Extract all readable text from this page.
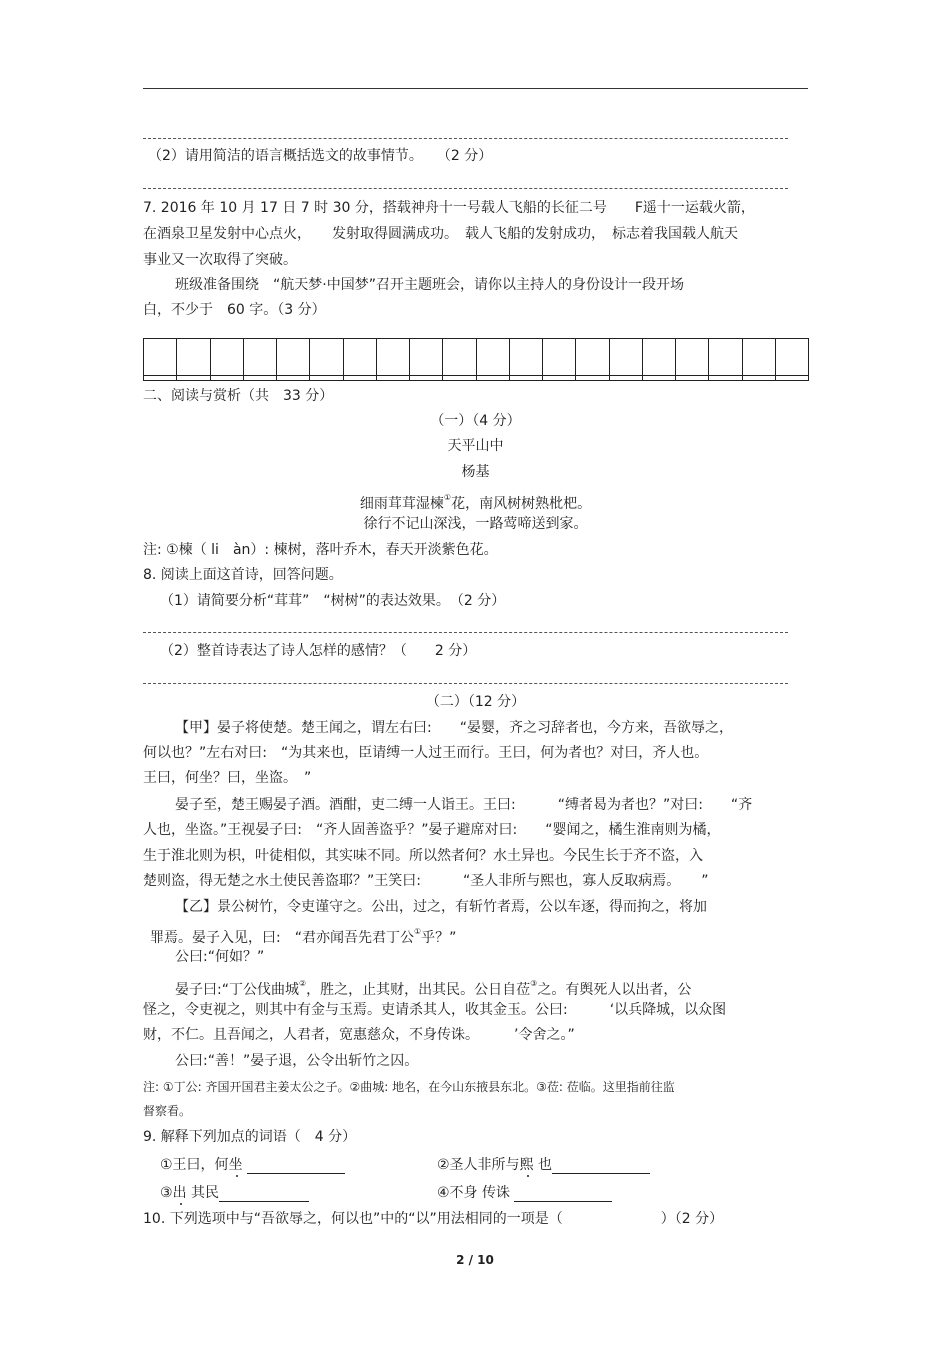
（2）请用简洁的语言概括选文的故事情节。　　（2 分）
7. 2016 年 10 月 17 日 7 时 30 分，搭载神舟十一号载人飞船的长征二号　　F遥十一运载火箭，
在酒泉卫星发射中心点火，　　发射取得圆满成功。　载人飞船的发射成功，　标志着我国载人航天
事业又一次取得了突破。
班级准备围绕　“航天梦·中国梦”召开主题班会，请你以主持人的身份设计一段开场
白，不少于　60 字。（3 分）
二、阅读与赏析（共　33 分）
（一）（4 分）
天平山中
杨基
细雨茸茸湿楝①花，南风树树熟枇杷。
徐行不记山深浅，一路莺啼送到家。
注: ①楝（ li　àn）: 楝树，落叶乔木，春天开淡紫色花。
8. 阅读上面这首诗，回答问题。
（1）请简要分析“茸茸”　“树树”的表达效果。　（2 分）
（2）整首诗表达了诗人怎样的感情？（　　2 分）
（二）（12 分）
【甲】晏子将使楚。楚王闻之，谓左右曰:　　“晏婴，齐之习辞者也，今方来，吾欲辱之，
何以也？”左右对曰:　“为其来也，臣请缚一人过王而行。王曰，何为者也？对曰，齐人也。
王曰，何坐？曰，坐盗。　”
晏子至，楚王赐晏子酒。酒酣，吏二缚一人诣王。王曰:　　　“缚者曷为者也？”对曰:　　“齐
人也，坐盗。”王视晏子曰:　“齐人固善盗乎？”晏子避席对曰:　　“婴闻之，橘生淮南则为橘，
生于淮北则为枳，叶徒相似，其实味不同。所以然者何？水土异也。今民生长于齐不盗，入
楚则盗，得无楚之水土使民善盗耶？”王笑曰:　　　“圣人非所与熙也，寡人反取病焉。　　”
【乙】景公树竹，令吏谨守之。公出，过之，有斩竹者焉，公以车逐，得而拘之，将加
罪焉。晏子入见，曰:　“君亦闻吾先君丁公①乎？”
公曰:“何如？”
晏子曰:“丁公伐曲城②，胜之，止其财，出其民。公日自莅③之。有舆死人以出者，公
怪之，令吏视之，则其中有金与玉焉。吏请杀其人，收其金玉。公曰:　　　‘以兵降城，以众图
财，不仁。且吾闻之，人君者，宽惠慈众，不身传诛。　　　’令舍之。”
公曰:“善！”晏子退，公令出斩竹之囚。
注: ①丁公: 齐国开国君主姜太公之子。②曲城: 地名，在今山东掖县东北。③莅: 莅临。这里指前往监
督察看。
9. 解释下列加点的词语（　4 分）
①王曰，何坐	②圣人非所与熙 也
③出 其民	④不身 传诛
10. 下列选项中与“吾欲辱之，何以也”中的“以”用法相同的一项是（　　　　　　　）（2 分）
2 / 10
